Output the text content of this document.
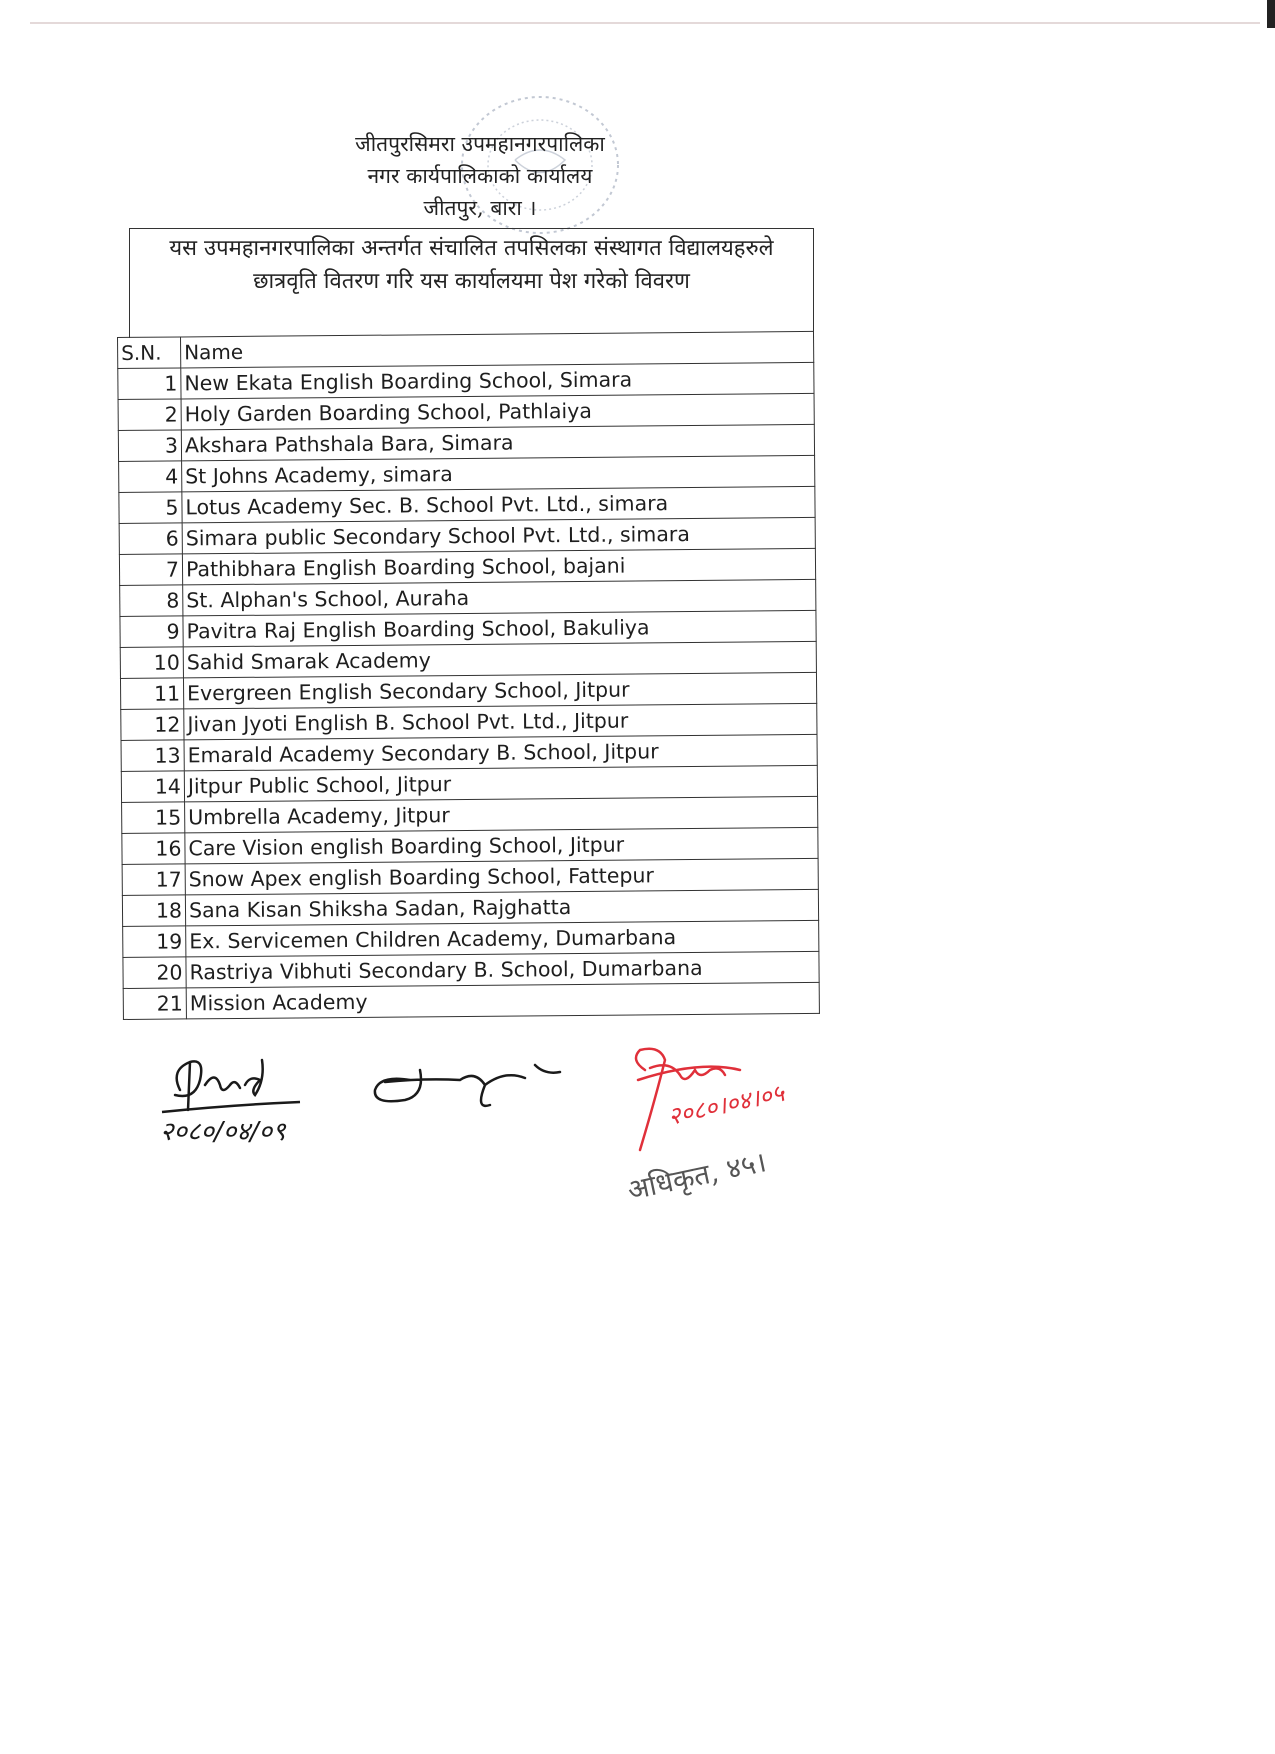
जीतपुरसिमरा उपमहानगरपालिका
नगर कार्यपालिकाको कार्यालय
जीतपुर, बारा ।
यस उपमहानगरपालिका अन्तर्गत संचालित तपसिलका संस्थागत विद्यालयहरुले छात्रवृति वितरण गरि यस कार्यालयमा पेश गरेको विवरण
S.N.	Name
1	New Ekata English Boarding School, Simara
2	Holy Garden Boarding School, Pathlaiya
3	Akshara Pathshala Bara, Simara
4	St Johns Academy, simara
5	Lotus Academy Sec. B. School Pvt. Ltd., simara
6	Simara public Secondary School Pvt. Ltd., simara
7	Pathibhara English Boarding School, bajani
8	St. Alphan's School, Auraha
9	Pavitra Raj English Boarding School, Bakuliya
10	Sahid Smarak Academy
11	Evergreen English Secondary School, Jitpur
12	Jivan Jyoti English B. School Pvt. Ltd., Jitpur
13	Emarald Academy Secondary B. School, Jitpur
14	Jitpur Public School, Jitpur
15	Umbrella Academy, Jitpur
16	Care Vision english Boarding School, Jitpur
17	Snow Apex english Boarding School, Fattepur
18	Sana Kisan Shiksha Sadan, Rajghatta
19	Ex. Servicemen Children Academy, Dumarbana
20	Rastriya Vibhuti Secondary B. School, Dumarbana
21	Mission Academy
२०८०/०४/०९
२०८०।०४।०५
अधिकृत, ४५।
